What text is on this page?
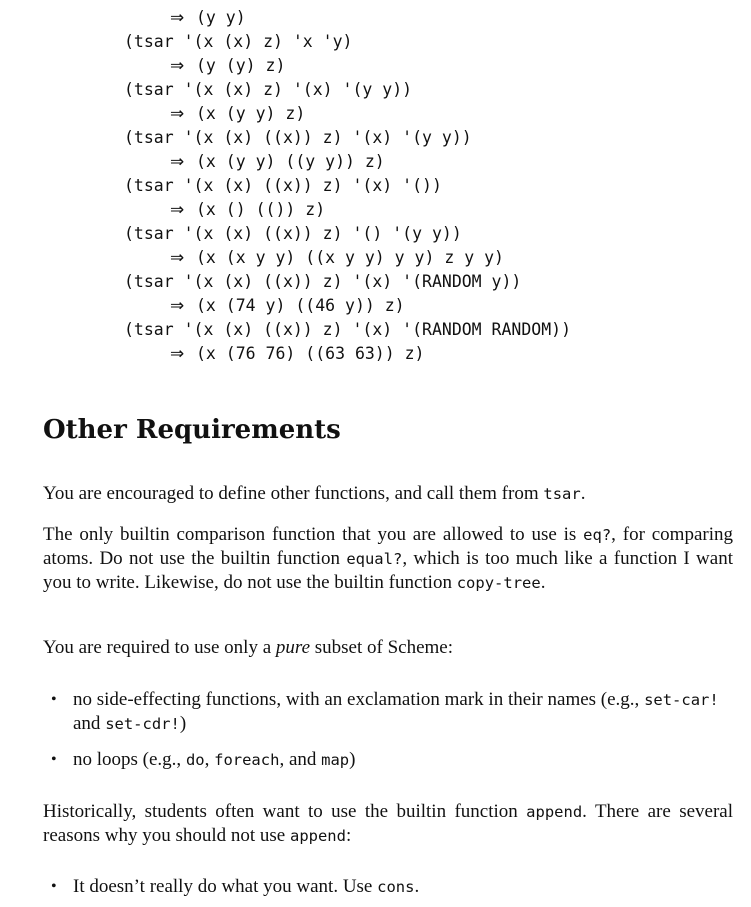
⇒ (y y)
(tsar '(x (x) z) 'x 'y)
⇒ (y (y) z)
(tsar '(x (x) z) '(x) '(y y))
⇒ (x (y y) z)
(tsar '(x (x) ((x)) z) '(x) '(y y))
⇒ (x (y y) ((y y)) z)
(tsar '(x (x) ((x)) z) '(x) '())
⇒ (x () (()) z)
(tsar '(x (x) ((x)) z) '() '(y y))
⇒ (x (x y y) ((x y y) y y) z y y)
(tsar '(x (x) ((x)) z) '(x) '(RANDOM y))
⇒ (x (74 y) ((46 y)) z)
(tsar '(x (x) ((x)) z) '(x) '(RANDOM RANDOM))
⇒ (x (76 76) ((63 63)) z)
Other Requirements

You are encouraged to define other functions, and call them from tsar.

The only builtin comparison function that you are allowed to use is eq?, for comparing atoms. Do not use the builtin function equal?, which is too much like a function I want you to write. Likewise, do not use the builtin function copy-tree.

You are required to use only a pure subset of Scheme:

• no side-effecting functions, with an exclamation mark in their names (e.g., set-car! and set-cdr!)
• no loops (e.g., do, foreach, and map)

Historically, students often want to use the builtin function append. There are several reasons why you should not use append:

• It doesn’t really do what you want. Use cons.
